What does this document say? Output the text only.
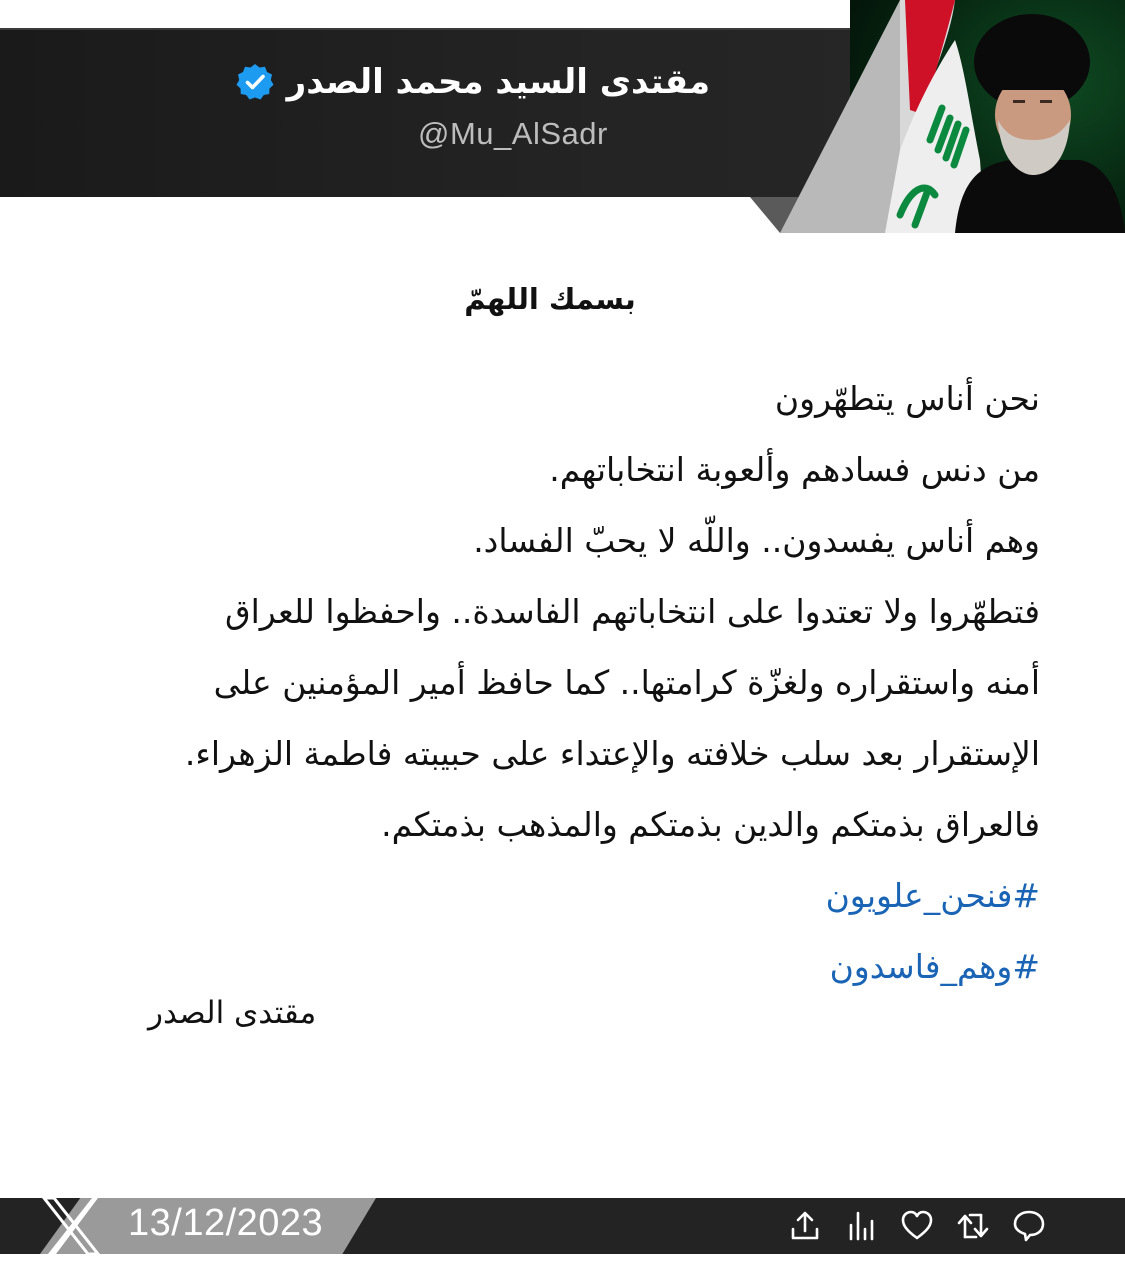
مقتدى السيد محمد الصدر
@Mu_AlSadr
بسمك اللهمّ
نحن أناس يتطهّرون
من دنس فسادهم وألعوبة انتخاباتهم.
وهم أناس يفسدون.. واللّه لا يحبّ الفساد.
فتطهّروا ولا تعتدوا على انتخاباتهم الفاسدة.. واحفظوا للعراق
أمنه واستقراره ولغزّة كرامتها.. كما حافظ أمير المؤمنين على
الإستقرار بعد سلب خلافته والإعتداء على حبيبته فاطمة الزهراء.
فالعراق بذمتكم والدين بذمتكم والمذهب بذمتكم.
#فنحن_علويون
#وهم_فاسدون
مقتدى الصدر
13/12/2023
